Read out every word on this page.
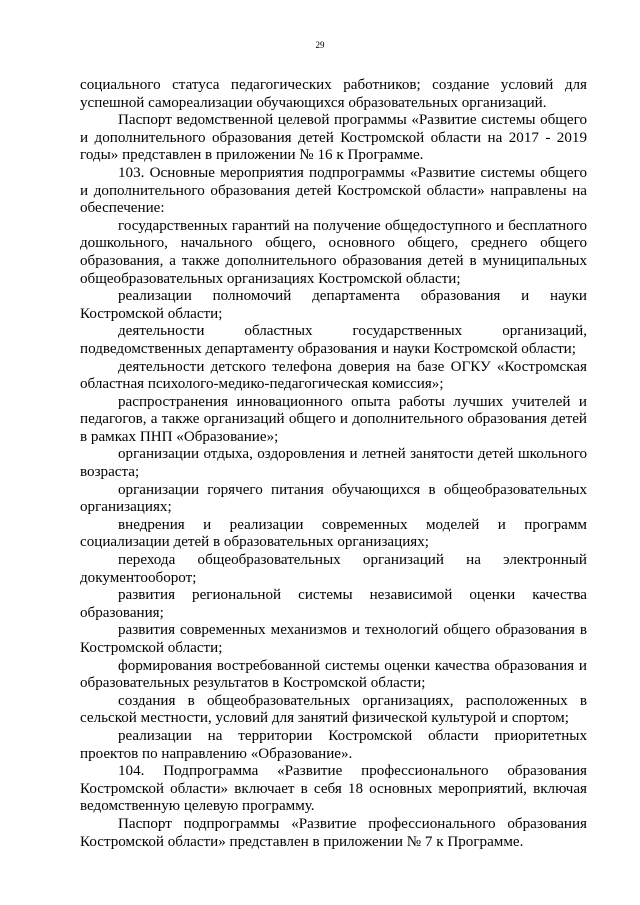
29

социального статуса педагогических работников; создание условий для успешной самореализации обучающихся образовательных организаций.

Паспорт ведомственной целевой программы «Развитие системы общего и дополнительного образования детей Костромской области на 2017 - 2019 годы» представлен в приложении № 16 к Программе.

103. Основные мероприятия подпрограммы «Развитие системы общего и дополнительного образования детей Костромской области» направлены на обеспечение:

государственных гарантий на получение общедоступного и бесплатного дошкольного, начального общего, основного общего, среднего общего образования, а также дополнительного образования детей в муниципальных общеобразовательных организациях Костромской области;

реализации полномочий департамента образования и науки Костромской области;

деятельности областных государственных организаций, подведомственных департаменту образования и науки Костромской области;

деятельности детского телефона доверия на базе ОГКУ «Костромская областная психолого-медико-педагогическая комиссия»;

распространения инновационного опыта работы лучших учителей и педагогов, а также организаций общего и дополнительного образования детей в рамках ПНП «Образование»;

организации отдыха, оздоровления и летней занятости детей школьного возраста;

организации горячего питания обучающихся в общеобразовательных организациях;

внедрения и реализации современных моделей и программ социализации детей в образовательных организациях;

перехода общеобразовательных организаций на электронный документооборот;

развития региональной системы независимой оценки качества образования;

развития современных механизмов и технологий общего образования в Костромской области;

формирования востребованной системы оценки качества образования и образовательных результатов в Костромской области;

создания в общеобразовательных организациях, расположенных в сельской местности, условий для занятий физической культурой и спортом;

реализации на территории Костромской области приоритетных проектов по направлению «Образование».

104. Подпрограмма «Развитие профессионального образования Костромской области» включает в себя 18 основных мероприятий, включая ведомственную целевую программу.

Паспорт подпрограммы «Развитие профессионального образования Костромской области» представлен в приложении № 7 к Программе.
